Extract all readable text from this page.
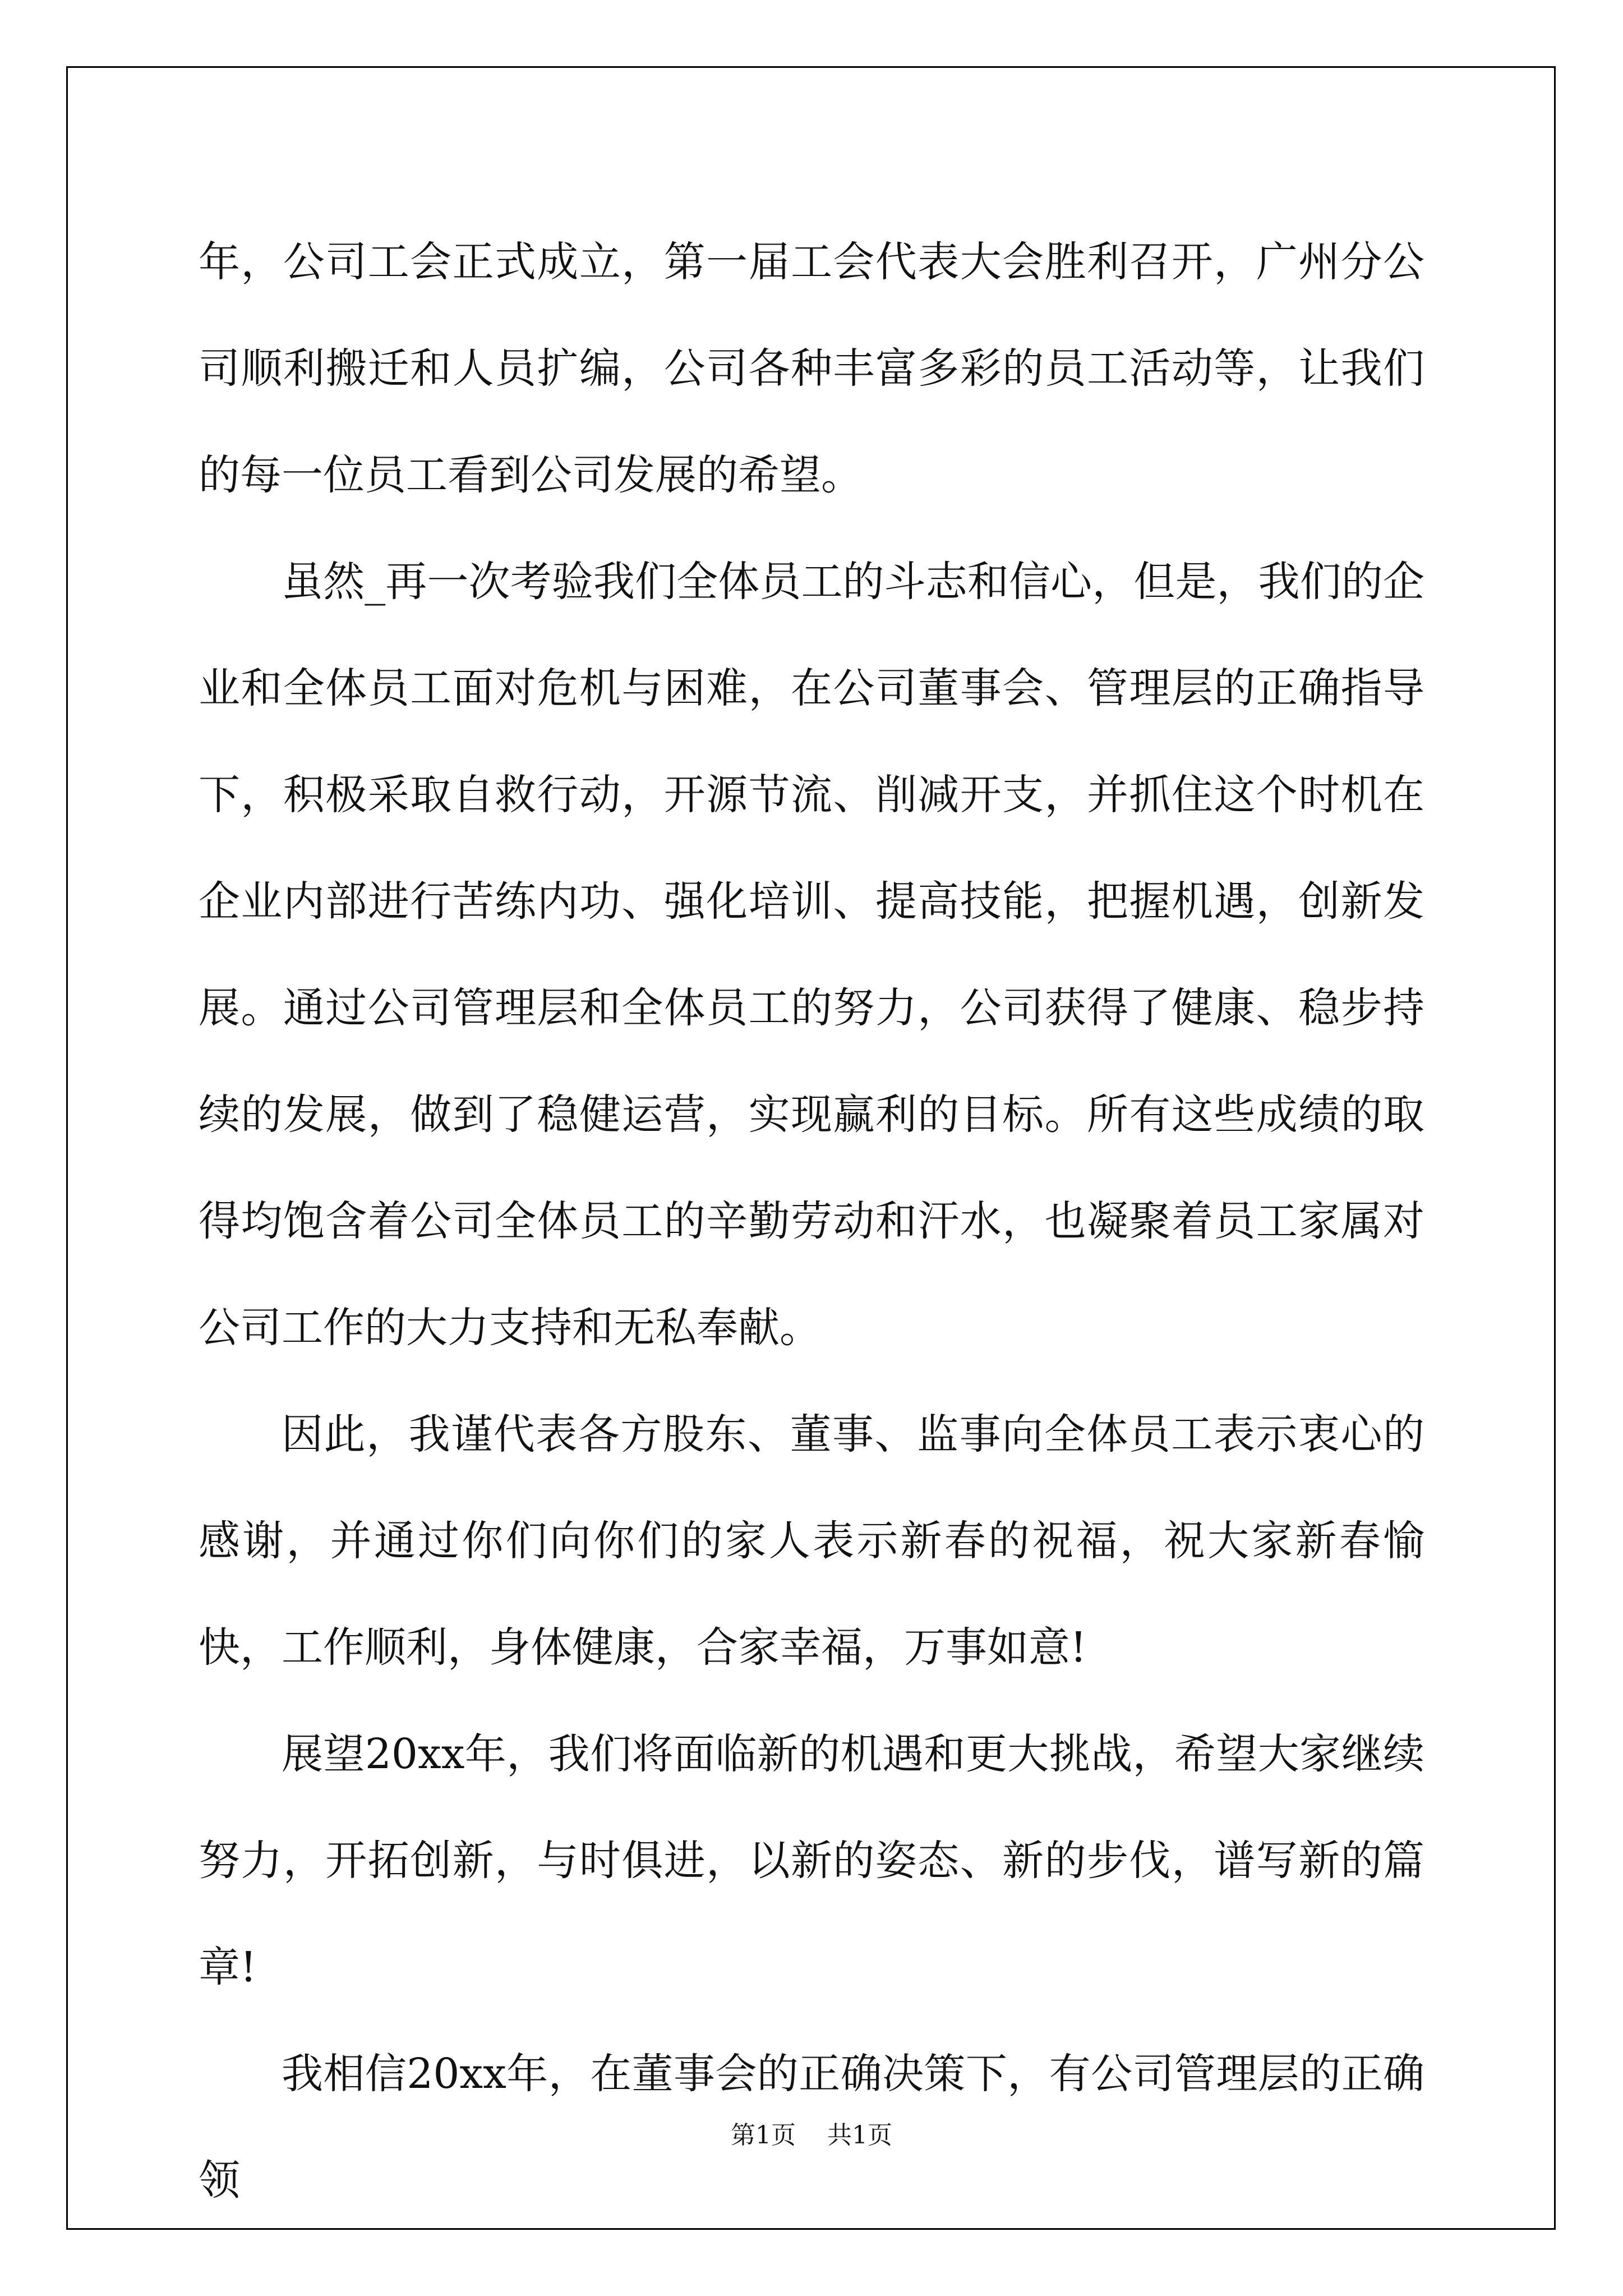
年，公司工会正式成立，第一届工会代表大会胜利召开，广州分公司顺利搬迁和人员扩编，公司各种丰富多彩的员工活动等，让我们的每一位员工看到公司发展的希望。

虽然_再一次考验我们全体员工的斗志和信心，但是，我们的企业和全体员工面对危机与困难，在公司董事会、管理层的正确指导下，积极采取自救行动，开源节流、削减开支，并抓住这个时机在企业内部进行苦练内功、强化培训、提高技能，把握机遇，创新发展。通过公司管理层和全体员工的努力，公司获得了健康、稳步持续的发展，做到了稳健运营，实现赢利的目标。所有这些成绩的取得均饱含着公司全体员工的辛勤劳动和汗水，也凝聚着员工家属对公司工作的大力支持和无私奉献。

因此，我谨代表各方股东、董事、监事向全体员工表示衷心的感谢，并通过你们向你们的家人表示新春的祝福，祝大家新春愉快，工作顺利，身体健康，合家幸福，万事如意!

展望20xx年，我们将面临新的机遇和更大挑战，希望大家继续努力，开拓创新，与时俱进，以新的姿态、新的步伐，谱写新的篇章!

我相信20xx年，在董事会的正确决策下，有公司管理层的正确领

第1页    共1页
